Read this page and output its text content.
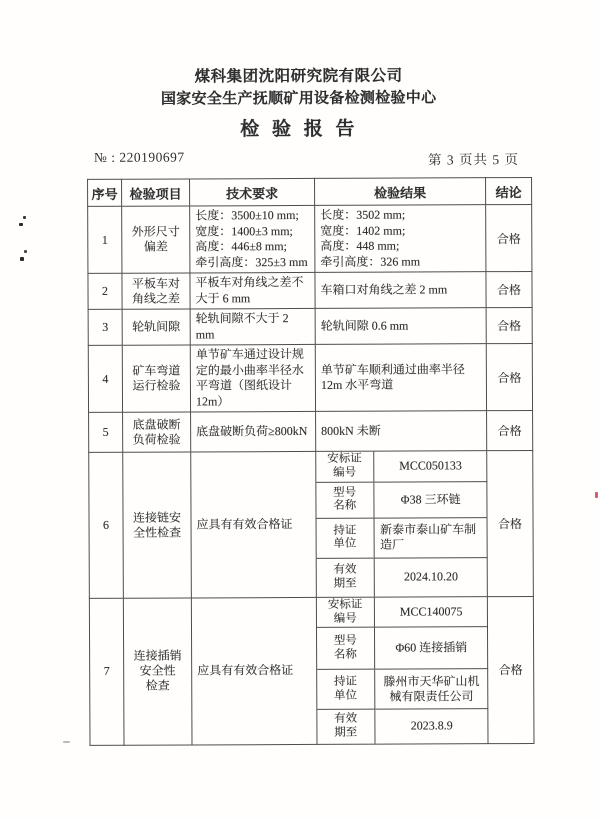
煤科集团沈阳研究院有限公司
国家安全生产抚顺矿用设备检测检验中心
检 验 报 告
№ : 220190697	第 3 页共 5 页
序号	检验项目	技术要求	检验结果	结论
1	外形尺寸
偏差	长度：3500±10 mm;
宽度：1400±3 mm;
高度：446±8 mm;
牵引高度：325±3 mm	长度：3502 mm;
宽度：1402 mm;
高度：448 mm;
牵引高度：326 mm	合格
2	平板车对
角线之差	平板车对角线之差不
大于 6 mm	车箱口对角线之差 2 mm	合格
3	轮轨间隙	轮轨间隙不大于 2 mm	轮轨间隙 0.6 mm	合格
4	矿车弯道
运行检验	单节矿车通过设计规
定的最小曲率半径水
平弯道（图纸设计
12m）	单节矿车顺利通过曲率半径
12m 水平弯道	合格
5	底盘破断
负荷检验	底盘破断负荷≥800kN	800kN 未断	合格
6	连接链安
全性检查	应具有有效合格证	
安标证
编号	MCC050133
型号
名称	Φ38 三环链
持证
单位	新泰市泰山矿车制
造厂
有效
期至	2024.10.20
	合格
7	连接插销
安全性
检查	应具有有效合格证	
安标证
编号	MCC140075
型号
名称	Φ60 连接插销
持证
单位	滕州市天华矿山机
械有限责任公司
有效
期至	2023.8.9
	合格
